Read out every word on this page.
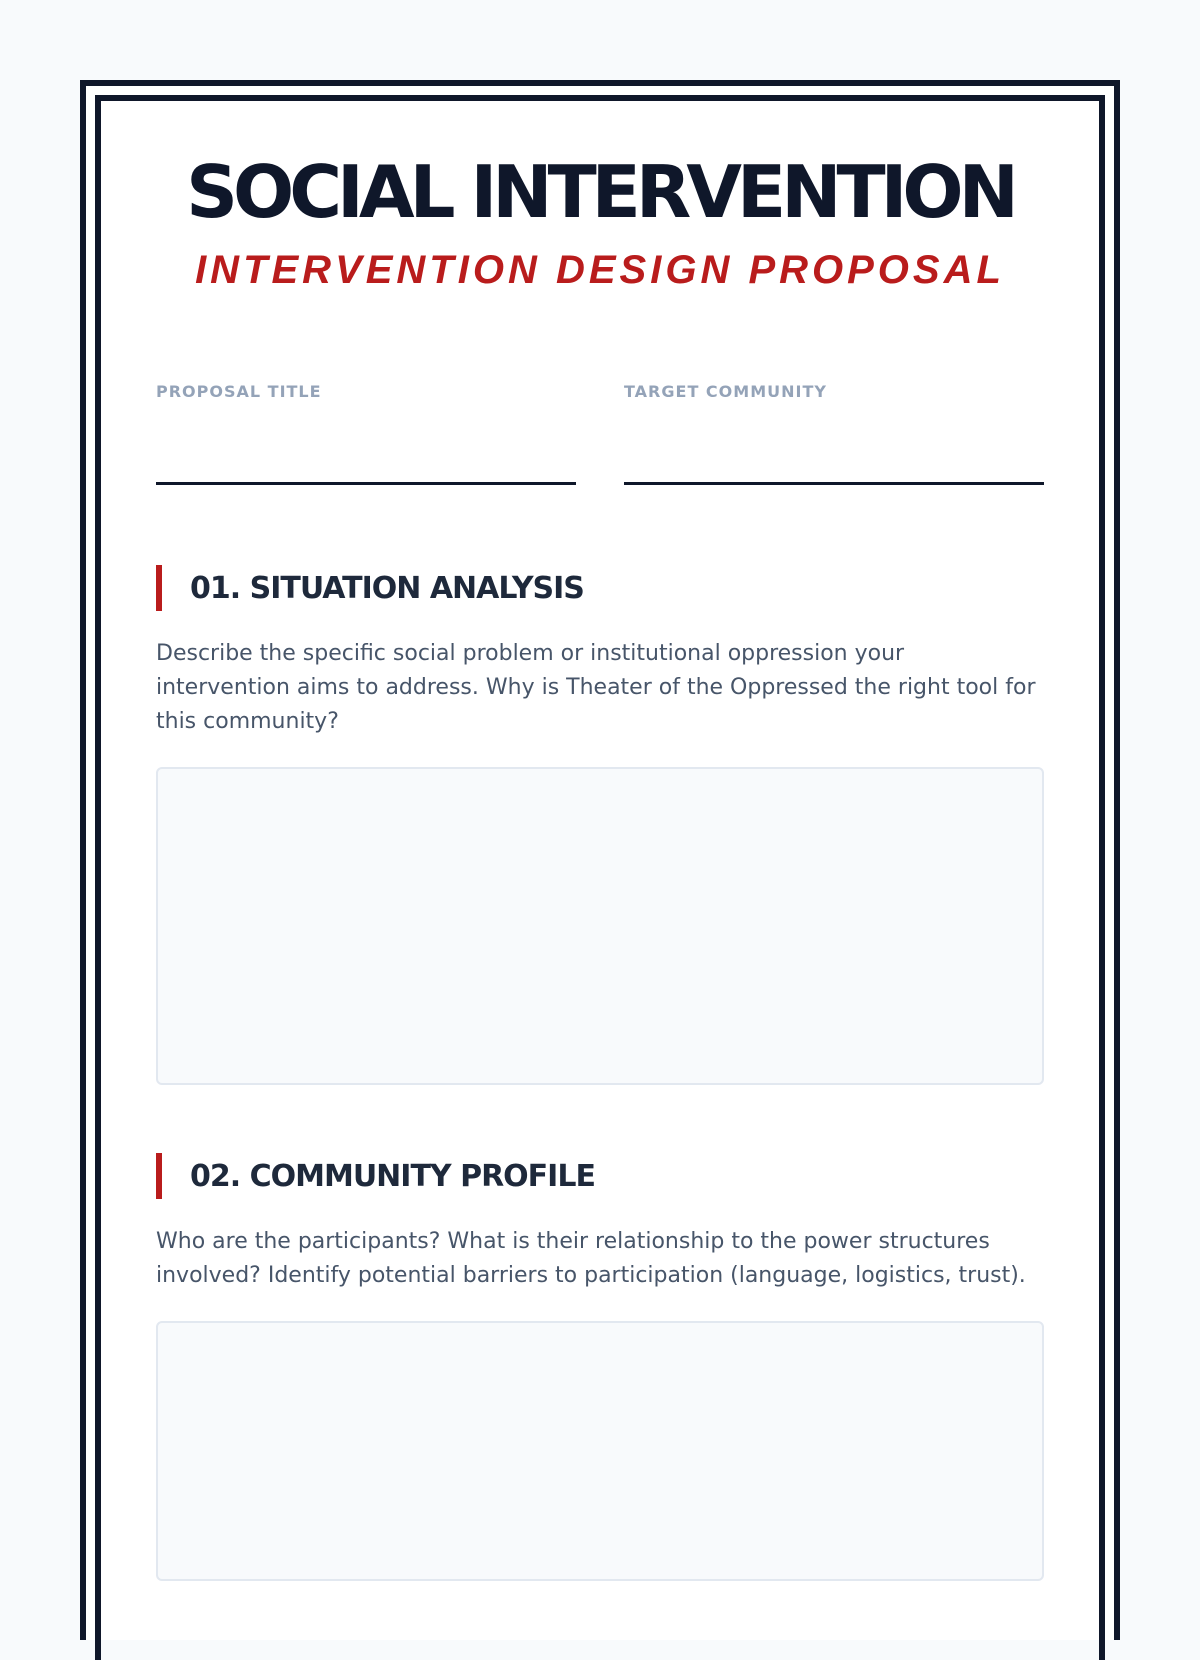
SOCIAL INTERVENTION
INTERVENTION DESIGN PROPOSAL
PROPOSAL TITLE	TARGET COMMUNITY
01. SITUATION ANALYSIS
Describe the specific social problem or institutional oppression your intervention aims to address. Why is Theater of the Oppressed the right tool for this community?
02. COMMUNITY PROFILE
Who are the participants? What is their relationship to the power structures involved? Identify potential barriers to participation (language, logistics, trust).
